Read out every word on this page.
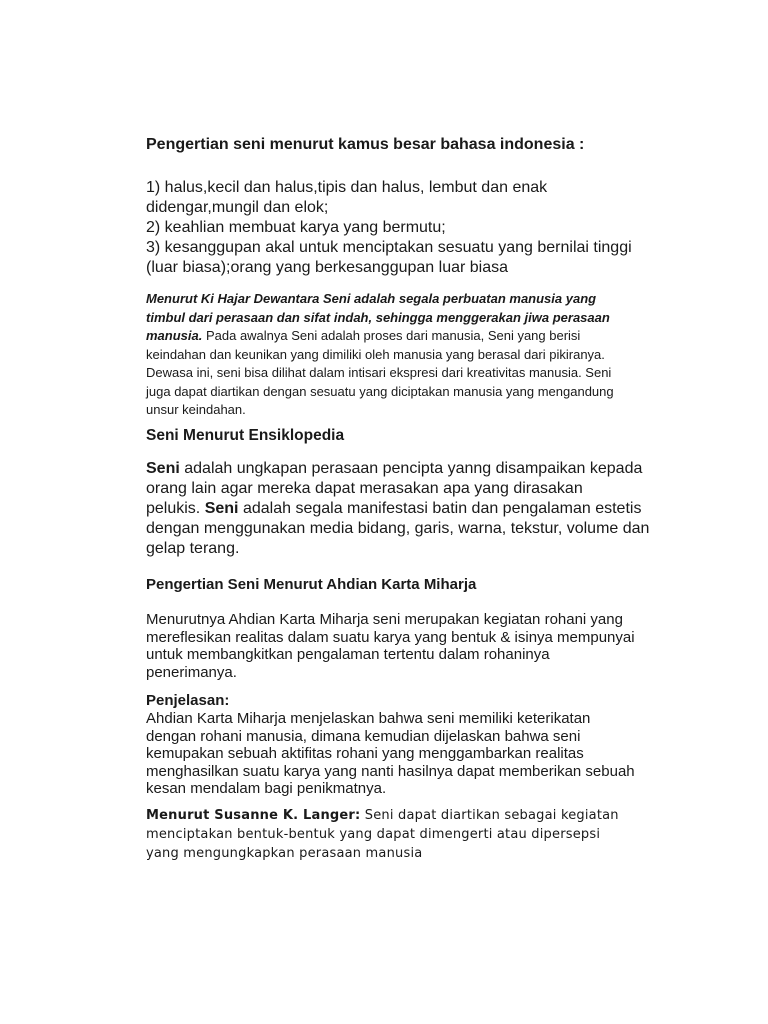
Pengertian seni menurut kamus besar bahasa indonesia :

1) halus,kecil dan halus,tipis dan halus, lembut dan enak
didengar,mungil dan elok;
2) keahlian membuat karya yang bermutu;
3) kesanggupan akal untuk menciptakan sesuatu yang bernilai tinggi
(luar biasa);orang yang berkesanggupan luar biasa
Menurut Ki Hajar Dewantara Seni adalah segala perbuatan manusia yang
timbul dari perasaan dan sifat indah, sehingga menggerakan jiwa perasaan
manusia. Pada awalnya Seni adalah proses dari manusia, Seni yang berisi
keindahan dan keunikan yang dimiliki oleh manusia yang berasal dari pikiranya.
Dewasa ini, seni bisa dilihat dalam intisari ekspresi dari kreativitas manusia. Seni
juga dapat diartikan dengan sesuatu yang diciptakan manusia yang mengandung
unsur keindahan.

Seni Menurut Ensiklopedia

Seni adalah ungkapan perasaan pencipta yanng disampaikan kepada
orang lain agar mereka dapat merasakan apa yang dirasakan
pelukis. Seni adalah segala manifestasi batin dan pengalaman estetis
dengan menggunakan media bidang, garis, warna, tekstur, volume dan
gelap terang.

Pengertian Seni Menurut Ahdian Karta Miharja

Menurutnya Ahdian Karta Miharja seni merupakan kegiatan rohani yang
mereflesikan realitas dalam suatu karya yang bentuk & isinya mempunyai
untuk membangkitkan pengalaman tertentu dalam rohaninya
penerimanya.

Penjelasan:

Ahdian Karta Miharja menjelaskan bahwa seni memiliki keterikatan
dengan rohani manusia, dimana kemudian dijelaskan bahwa seni
kemupakan sebuah aktifitas rohani yang menggambarkan realitas
menghasilkan suatu karya yang nanti hasilnya dapat memberikan sebuah
kesan mendalam bagi penikmatnya.
Menurut Susanne K. Langer: Seni dapat diartikan sebagai kegiatan
menciptakan bentuk-bentuk yang dapat dimengerti atau dipersepsi
yang mengungkapkan perasaan manusia
